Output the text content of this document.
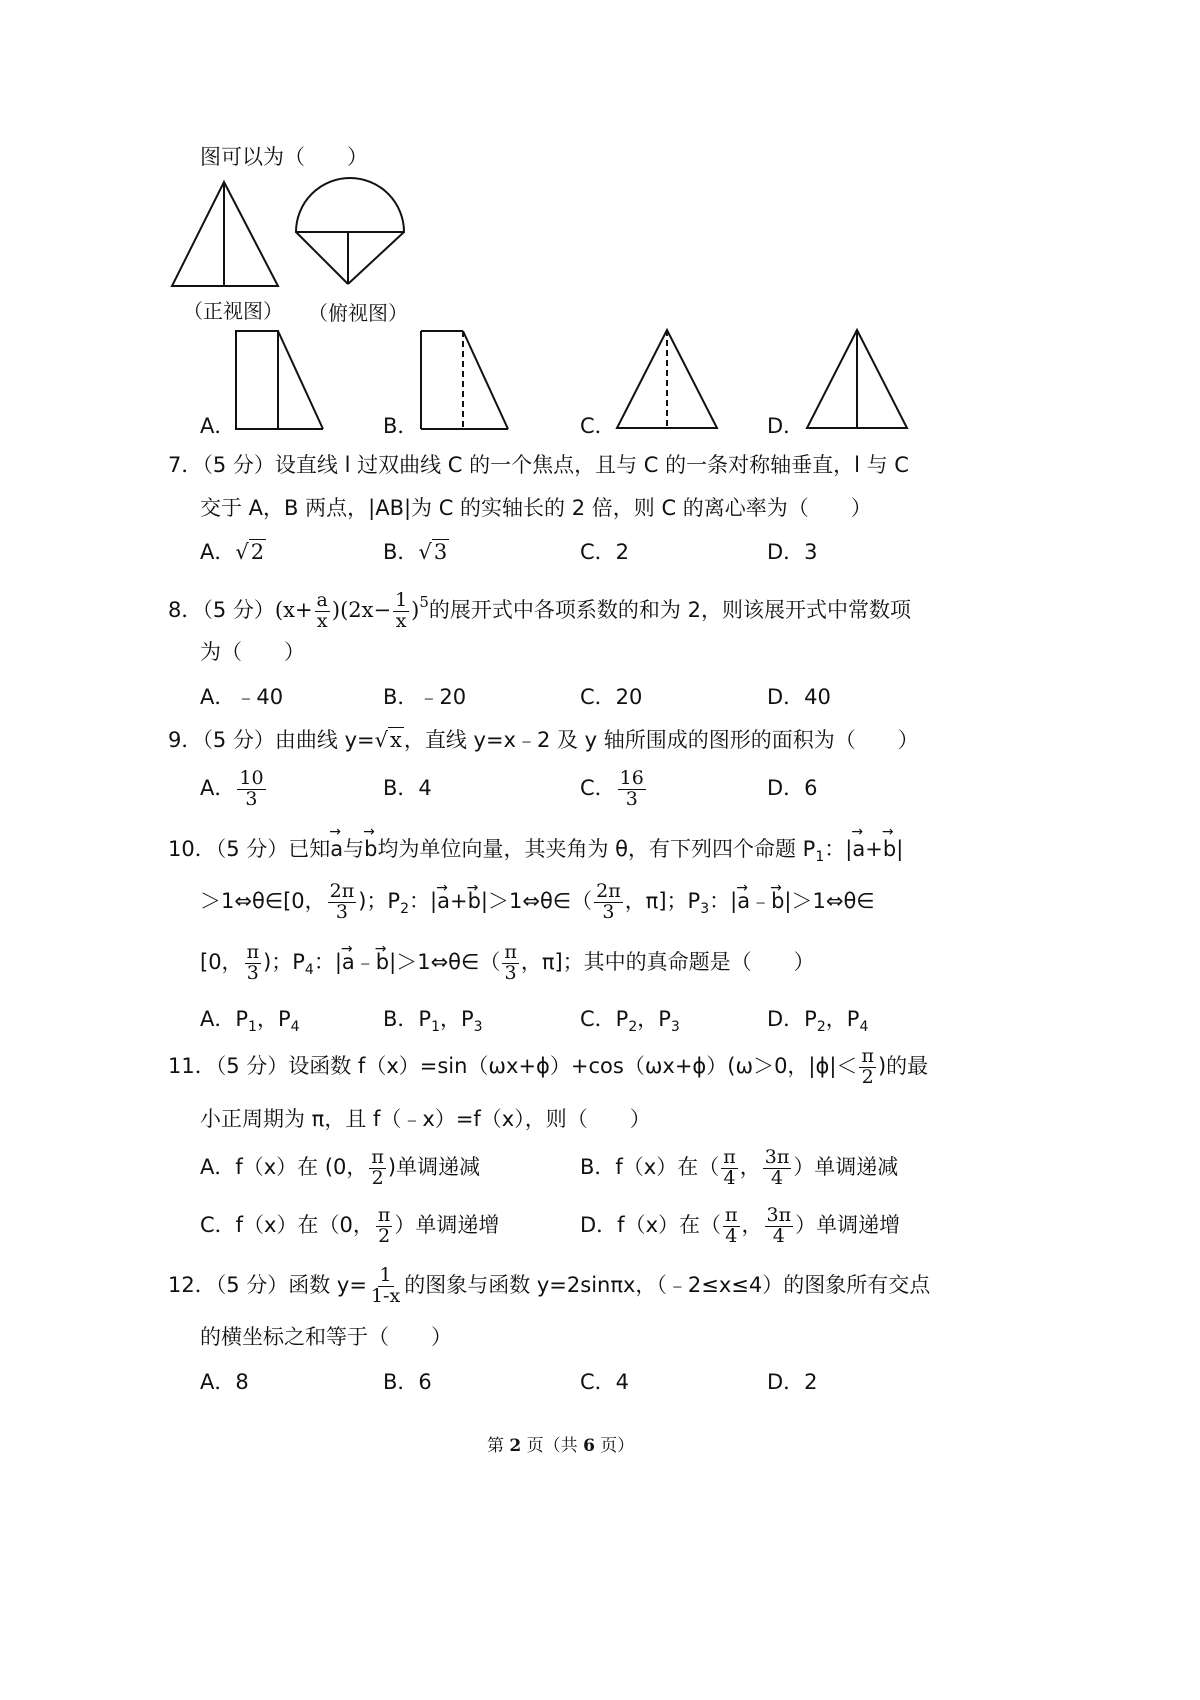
图可以为（　　）
（正视图） （俯视图）
A．	B．	C．	D．
7．（5 分）设直线 l 过双曲线 C 的一个焦点，且与 C 的一条对称轴垂直，l 与 C
交于 A，B 两点，|AB|为 C 的实轴长的 2 倍，则 C 的离心率为（　　）
A．√2	B．√3	C．2	D．3
8．（5 分）$(x+ \frac{a}{x} )(2x- \frac{1}{x} )^5$的展开式中各项系数的和为 2，则该展开式中常数项
为（　　）
A．﹣40	B．﹣20	C．20	D．40
9．（5 分）由曲线 y=√x，直线 y=x﹣2 及 y 轴所围成的图形的面积为（　　）
A． $\frac{10}{3}$	B．4	C． $\frac{16}{3}$	D．6
10．（5 分）已知→ a与→ b均为单位向量，其夹角为 θ，有下列四个命题 $P_1$：|→ a+→ b|
＞1⇔θ∈[0， $\frac{2\pi}{3}$ )；$P_2$：|→ a+→ b|＞1⇔θ∈（ $\frac{2\pi}{3}$ ，π]；$P_3$：|→ a﹣→ b|＞1⇔θ∈
[0， $\frac{\pi}{3}$ )；$P_4$：|→ a﹣→ b|＞1⇔θ∈（ $\frac{\pi}{3}$ ，π]；其中的真命题是（　　）
A．$P_1$，$P_4$	B．$P_1$，$P_3$	C．$P_2$，$P_3$	D．$P_2$，$P_4$
11．（5 分）设函数 f（x）=sin（ωx+ϕ）+cos（ωx+ϕ）(ω＞0，$|\phi|< \frac{\pi}{2}$ )的最
小正周期为 π，且 f（﹣x）=f（x），则（　　）
A．f（x）在 (0， $\frac{\pi}{2}$ )单调递减	B．f（x）在（ $\frac{\pi}{4}$ ， $\frac{3\pi}{4}$ ）单调递减
C．f（x）在（0， $\frac{\pi}{2}$ ）单调递增	D．f（x）在（ $\frac{\pi}{4}$ ， $\frac{3\pi}{4}$ ）单调递增
12．（5 分）函数 $y= \frac{1}{1-x}$ 的图象与函数 y=2sinπx，（﹣2≤x≤4）的图象所有交点
的横坐标之和等于（　　）
A．8	B．6	C．4	D．2
第 2 页（共 6 页）
